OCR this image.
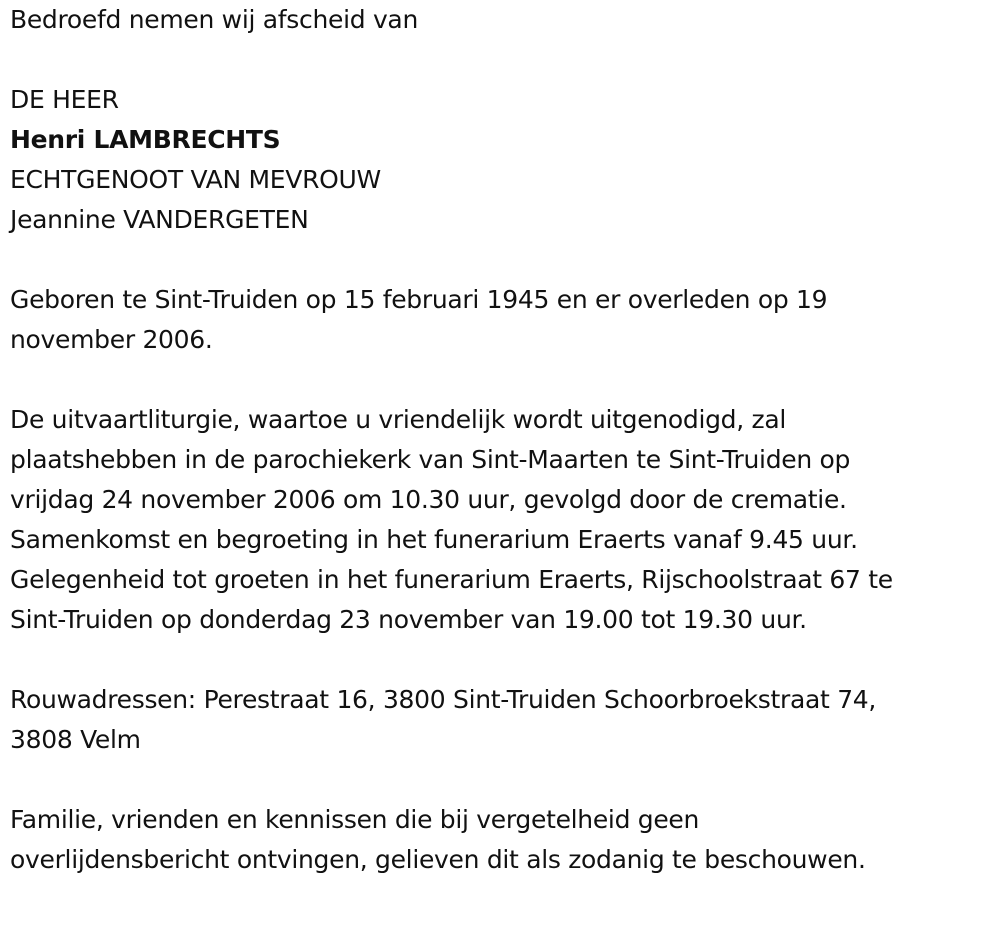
Bedroefd nemen wij afscheid van
DE HEER
Henri LAMBRECHTS
ECHTGENOOT VAN MEVROUW
Jeannine VANDERGETEN
Geboren te Sint-Truiden op 15 februari 1945 en er overleden op 19
november 2006.
De uitvaartliturgie, waartoe u vriendelijk wordt uitgenodigd, zal
plaatshebben in de parochiekerk van Sint-Maarten te Sint-Truiden op
vrijdag 24 november 2006 om 10.30 uur, gevolgd door de crematie.
Samenkomst en begroeting in het funerarium Eraerts vanaf 9.45 uur.
Gelegenheid tot groeten in het funerarium Eraerts, Rijschoolstraat 67 te
Sint-Truiden op donderdag 23 november van 19.00 tot 19.30 uur.
Rouwadressen: Perestraat 16, 3800 Sint-Truiden Schoorbroekstraat 74,
3808 Velm
Familie, vrienden en kennissen die bij vergetelheid geen
overlijdensbericht ontvingen, gelieven dit als zodanig te beschouwen.
